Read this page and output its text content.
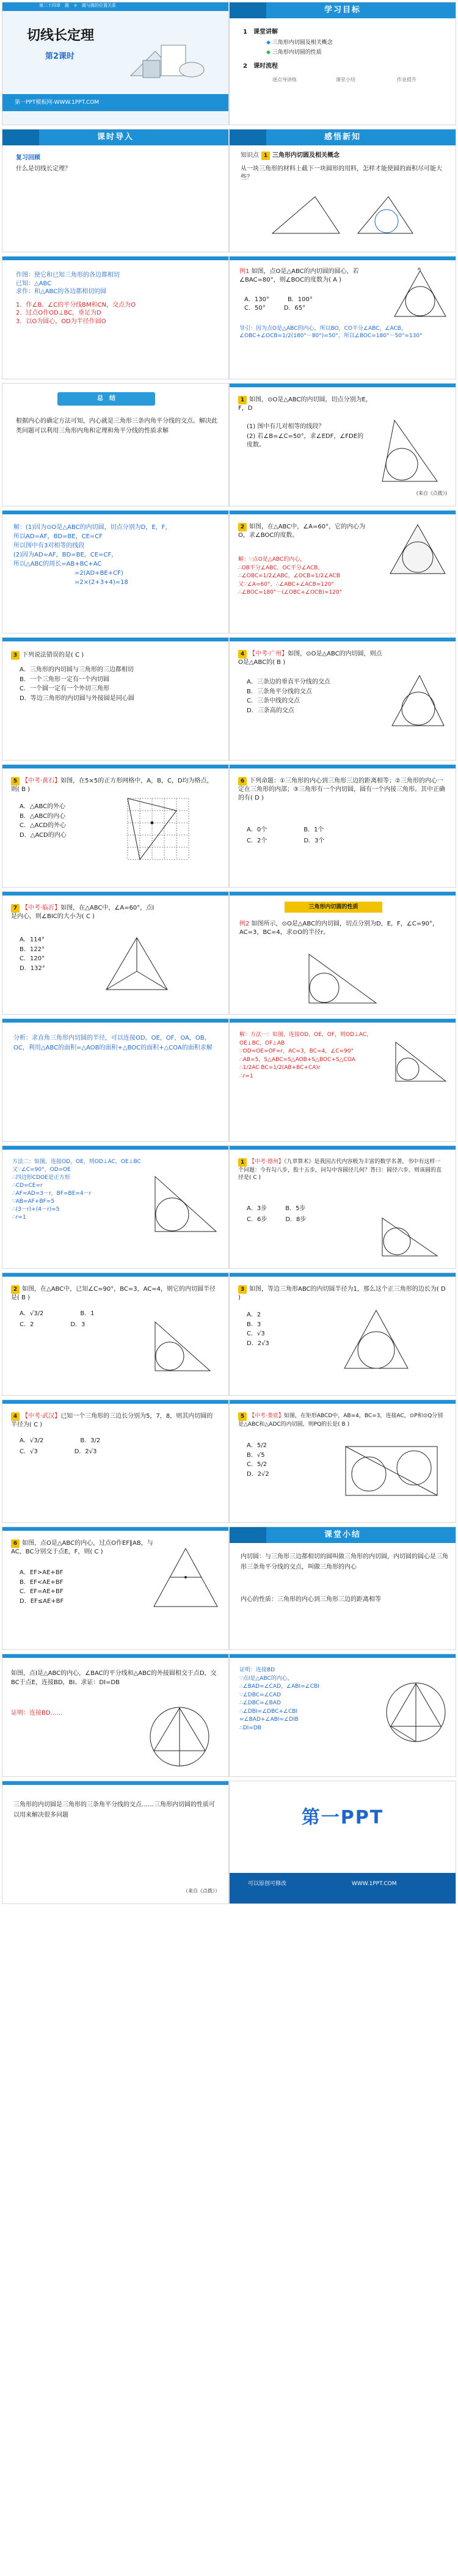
第二十四章　圆　＊　圆与圆的位置关系
切线长定理
第2课时
第一PPT模板网-WWW.1PPT.COM
学习目标
1　 课堂讲解
◆ 三角形内切圆及相关概念
◆ 三角形内切圆的性质
2　 课时流程
逐点导讲练	课堂小结	作业提升
课时导入
复习回顾
什么是切线长定理？
感悟新知
知识点 1 三角形内切圆及相关概念
从一块三角形的材料上截下一块圆形的用料，怎样才能使圆的面积尽可能大些？
作图：使它和已知三角形的各边都相切
已知：△ABC
求作：和△ABC的各边都相切的圆
1．作∠B、∠C的平分线BM和CN，交点为O
2．过点O作OD⊥BC，垂足为D
3．以O为圆心，OD为半径作圆O
例1 如图，点O是△ABC的内切圆的圆心，若∠BAC=80°，则∠BOC的度数为( A )
A．130°	B．100°
C．50°	D．65°
A
导引：因为点O是△ABC的内心，所以BO，CO平分∠ABC，∠ACB，∠OBC+∠OCB=1/2(180°－80°)=50°，所以∠BOC=180°－50°=130°
总　结
根据内心的确定方法可知，内心就是三角形三条内角平分线的交点。解决此类问题可以利用三角形内角和定理和角平分线的性质求解
1 如图，⊙O是△ABC的内切圆，切点分别为E，F，D
(1) 图中有几对相等的线段？
(2) 若∠B=∠C=50°，求∠EDF，∠FDE的度数。
(来自《点拨》)
解：(1)因为⊙O是△ABC的内切圆，切点分别为D，E，F，
所以AD=AF，BD=BE，CE=CF
所以图中有3对相等的线段
(2)因为AD=AF，BD=BE，CE=CF，
所以△ABC的周长=AB+BC+AC
=2(AD+BE+CF)
=2×(2+3+4)=18
2 如图，在△ABC中，∠A=60°，它的内心为O，求∠BOC的度数。
解：∵点O是△ABC的内心，
∴OB平分∠ABC，OC平分∠ACB，
∴∠OBC=1/2∠ABC，∠OCB=1/2∠ACB
又∵∠A=60°，∴∠ABC+∠ACB=120°
∴∠BOC=180°－(∠OBC+∠OCB)=120°
3 下列说法错误的是( C )
A．三角形的内切圆与三角形的三边都相切
B．一个三角形一定有一个内切圆
C．一个圆一定有一个外切三角形
D．等边三角形的内切圆与外接圆是同心圆
4 【中考·广州】如图，⊙O是△ABC的内切圆，则点O是△ABC的( B )
A．三条边的垂直平分线的交点
B．三条角平分线的交点
C．三条中线的交点
D．三条高的交点
5 【中考·黄石】如图，在5×5的正方形网格中，A，B，C，D均为格点，则( B )
A．△ABC的外心
B．△ABC的内心
C．△ACD的外心
D．△ACD的内心
6 下列命题：①三角形的内心到三角形三边的距离相等；②三角形的内心一定在三角形的内部；③三角形有一个内切圆，圆有一个内接三角形。其中正确的有( D )
A．0个	B．1个
C．2个	D．3个
7 【中考·临沂】如图，在△ABC中，∠A=60°，点I是内心，则∠BIC的大小为( C )
A．114°
B．122°
C．120°
D．132°
三角形内切圆的性质
例2 如图所示，⊙O是△ABC的内切圆，切点分别为D，E，F，∠C=90°，AC=3，BC=4，求⊙O的半径r。
分析：求直角三角形内切圆的半径，可以连接OD，OE，OF，OA，OB，OC，利用△ABC的面积=△AOB的面积+△BOC的面积+△COA的面积求解
解：方法一：如图，连接OD，OE，OF，则OD⊥AC，OE⊥BC，OF⊥AB
∵OD=OE=OF=r，AC=3，BC=4，∠C=90°
∴AB=5，S△ABC=S△AOB+S△BOC+S△COA
∴1/2AC·BC=1/2(AB+BC+CA)r
∴r=1
方法二：如图，连接OD，OE，则OD⊥AC，OE⊥BC
又∵∠C=90°，OD=OE
∴四边形CDOE是正方形
∴CD=CE=r
∴AF=AD=3－r，BF=BE=4－r
∵AB=AF+BF=5
∴(3－r)+(4－r)=5
∴r=1
1 【中考·德州】《九章算术》是我国古代内容极为丰富的数学名著，书中有这样一个问题：今有勾八步，股十五步，问勾中容圆径几何？答曰：圆径六步。则该圆的直径是( C )
A．3步	B．5步
C．6步	D．8步
2 如图，在△ABC中，已知∠C=90°，BC=3，AC=4，则它的内切圆半径是( B )
A．√3/2	B．1
C．2	D．3
3 如图，等边三角形ABC的内切圆半径为1，那么这个正三角形的边长为( D )
A．2
B．3
C．√3
D．2√3
4 【中考·武汉】已知一个三角形的三边长分别为5，7，8，则其内切圆的半径为( C )
A．√3/2	B．3/2
C．√3	D．2√3
5 【中考·娄底】如图，在矩形ABCD中，AB=4，BC=3，连接AC，⊙P和⊙Q分别是△ABC和△ADC的内切圆，则PQ的长是( B )
A．5/2
B．√5
C．5/2
D．2√2
6 如图，点O是△ABC的内心，过点O作EF∥AB，与AC，BC分别交于点E，F，则( C )
A．EF>AE+BF
B．EF<AE+BF
C．EF=AE+BF
D．EF≤AE+BF
课堂小结
内切圆：与三角形三边都相切的圆叫做三角形的内切圆，内切圆的圆心是三角形三条角平分线的交点，叫做三角形的内心
内心的性质：三角形的内心到三角形三边的距离相等
如图，点I是△ABC的内心，∠BAC的平分线和△ABC的外接圆相交于点D，交BC于点E，连接BD，BI。求证：DI=DB
证明：连接BD……
证明：连接BD
∵点I是△ABC的内心，
∴∠BAD=∠CAD，∠ABI=∠CBI
∵∠DBC=∠CAD
∴∠DBC=∠BAD
∴∠DBI=∠DBC+∠CBI
=∠BAD+∠ABI=∠DIB
∴DI=DB
三角形的内切圆是三角形的三条角平分线的交点……三角形内切圆的性质可以用来解决很多问题
（来自《点拨》）
第一PPT
可以原创可修改	WWW.1PPT.COM
